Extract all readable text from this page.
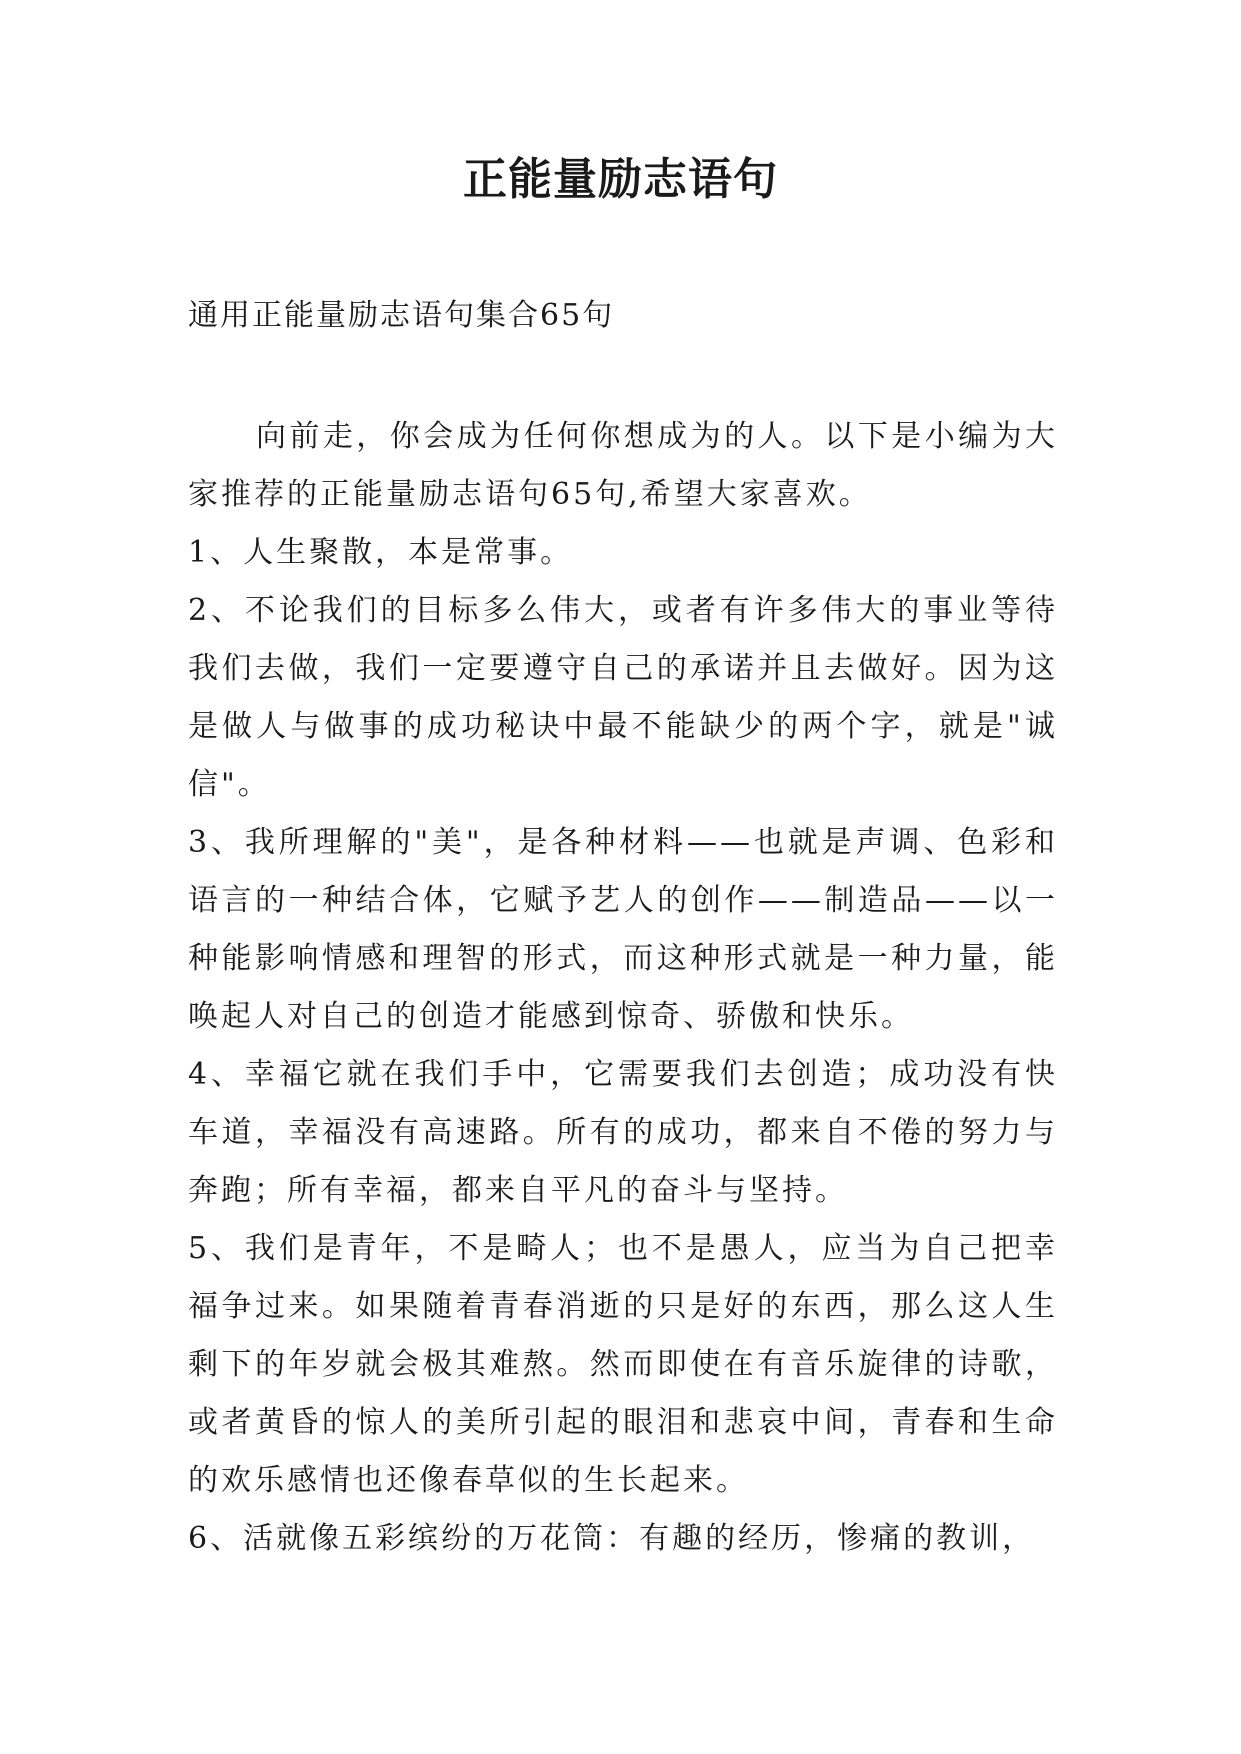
正能量励志语句

通用正能量励志语句集合65句

向前走，你会成为任何你想成为的人。以下是小编为大家推荐的正能量励志语句65句,希望大家喜欢。

1、人生聚散，本是常事。

2、不论我们的目标多么伟大，或者有许多伟大的事业等待我们去做，我们一定要遵守自己的承诺并且去做好。因为这是做人与做事的成功秘诀中最不能缺少的两个字，就是"诚信"。

3、我所理解的"美"，是各种材料——也就是声调、色彩和语言的一种结合体，它赋予艺人的创作——制造品——以一种能影响情感和理智的形式，而这种形式就是一种力量，能唤起人对自己的创造才能感到惊奇、骄傲和快乐。

4、幸福它就在我们手中，它需要我们去创造；成功没有快车道，幸福没有高速路。所有的成功，都来自不倦的努力与奔跑；所有幸福，都来自平凡的奋斗与坚持。

5、我们是青年，不是畸人；也不是愚人，应当为自己把幸福争过来。如果随着青春消逝的只是好的东西，那么这人生剩下的年岁就会极其难熬。然而即使在有音乐旋律的诗歌，或者黄昏的惊人的美所引起的眼泪和悲哀中间，青春和生命的欢乐感情也还像春草似的生长起来。

6、活就像五彩缤纷的万花筒：有趣的经历，惨痛的教训，
